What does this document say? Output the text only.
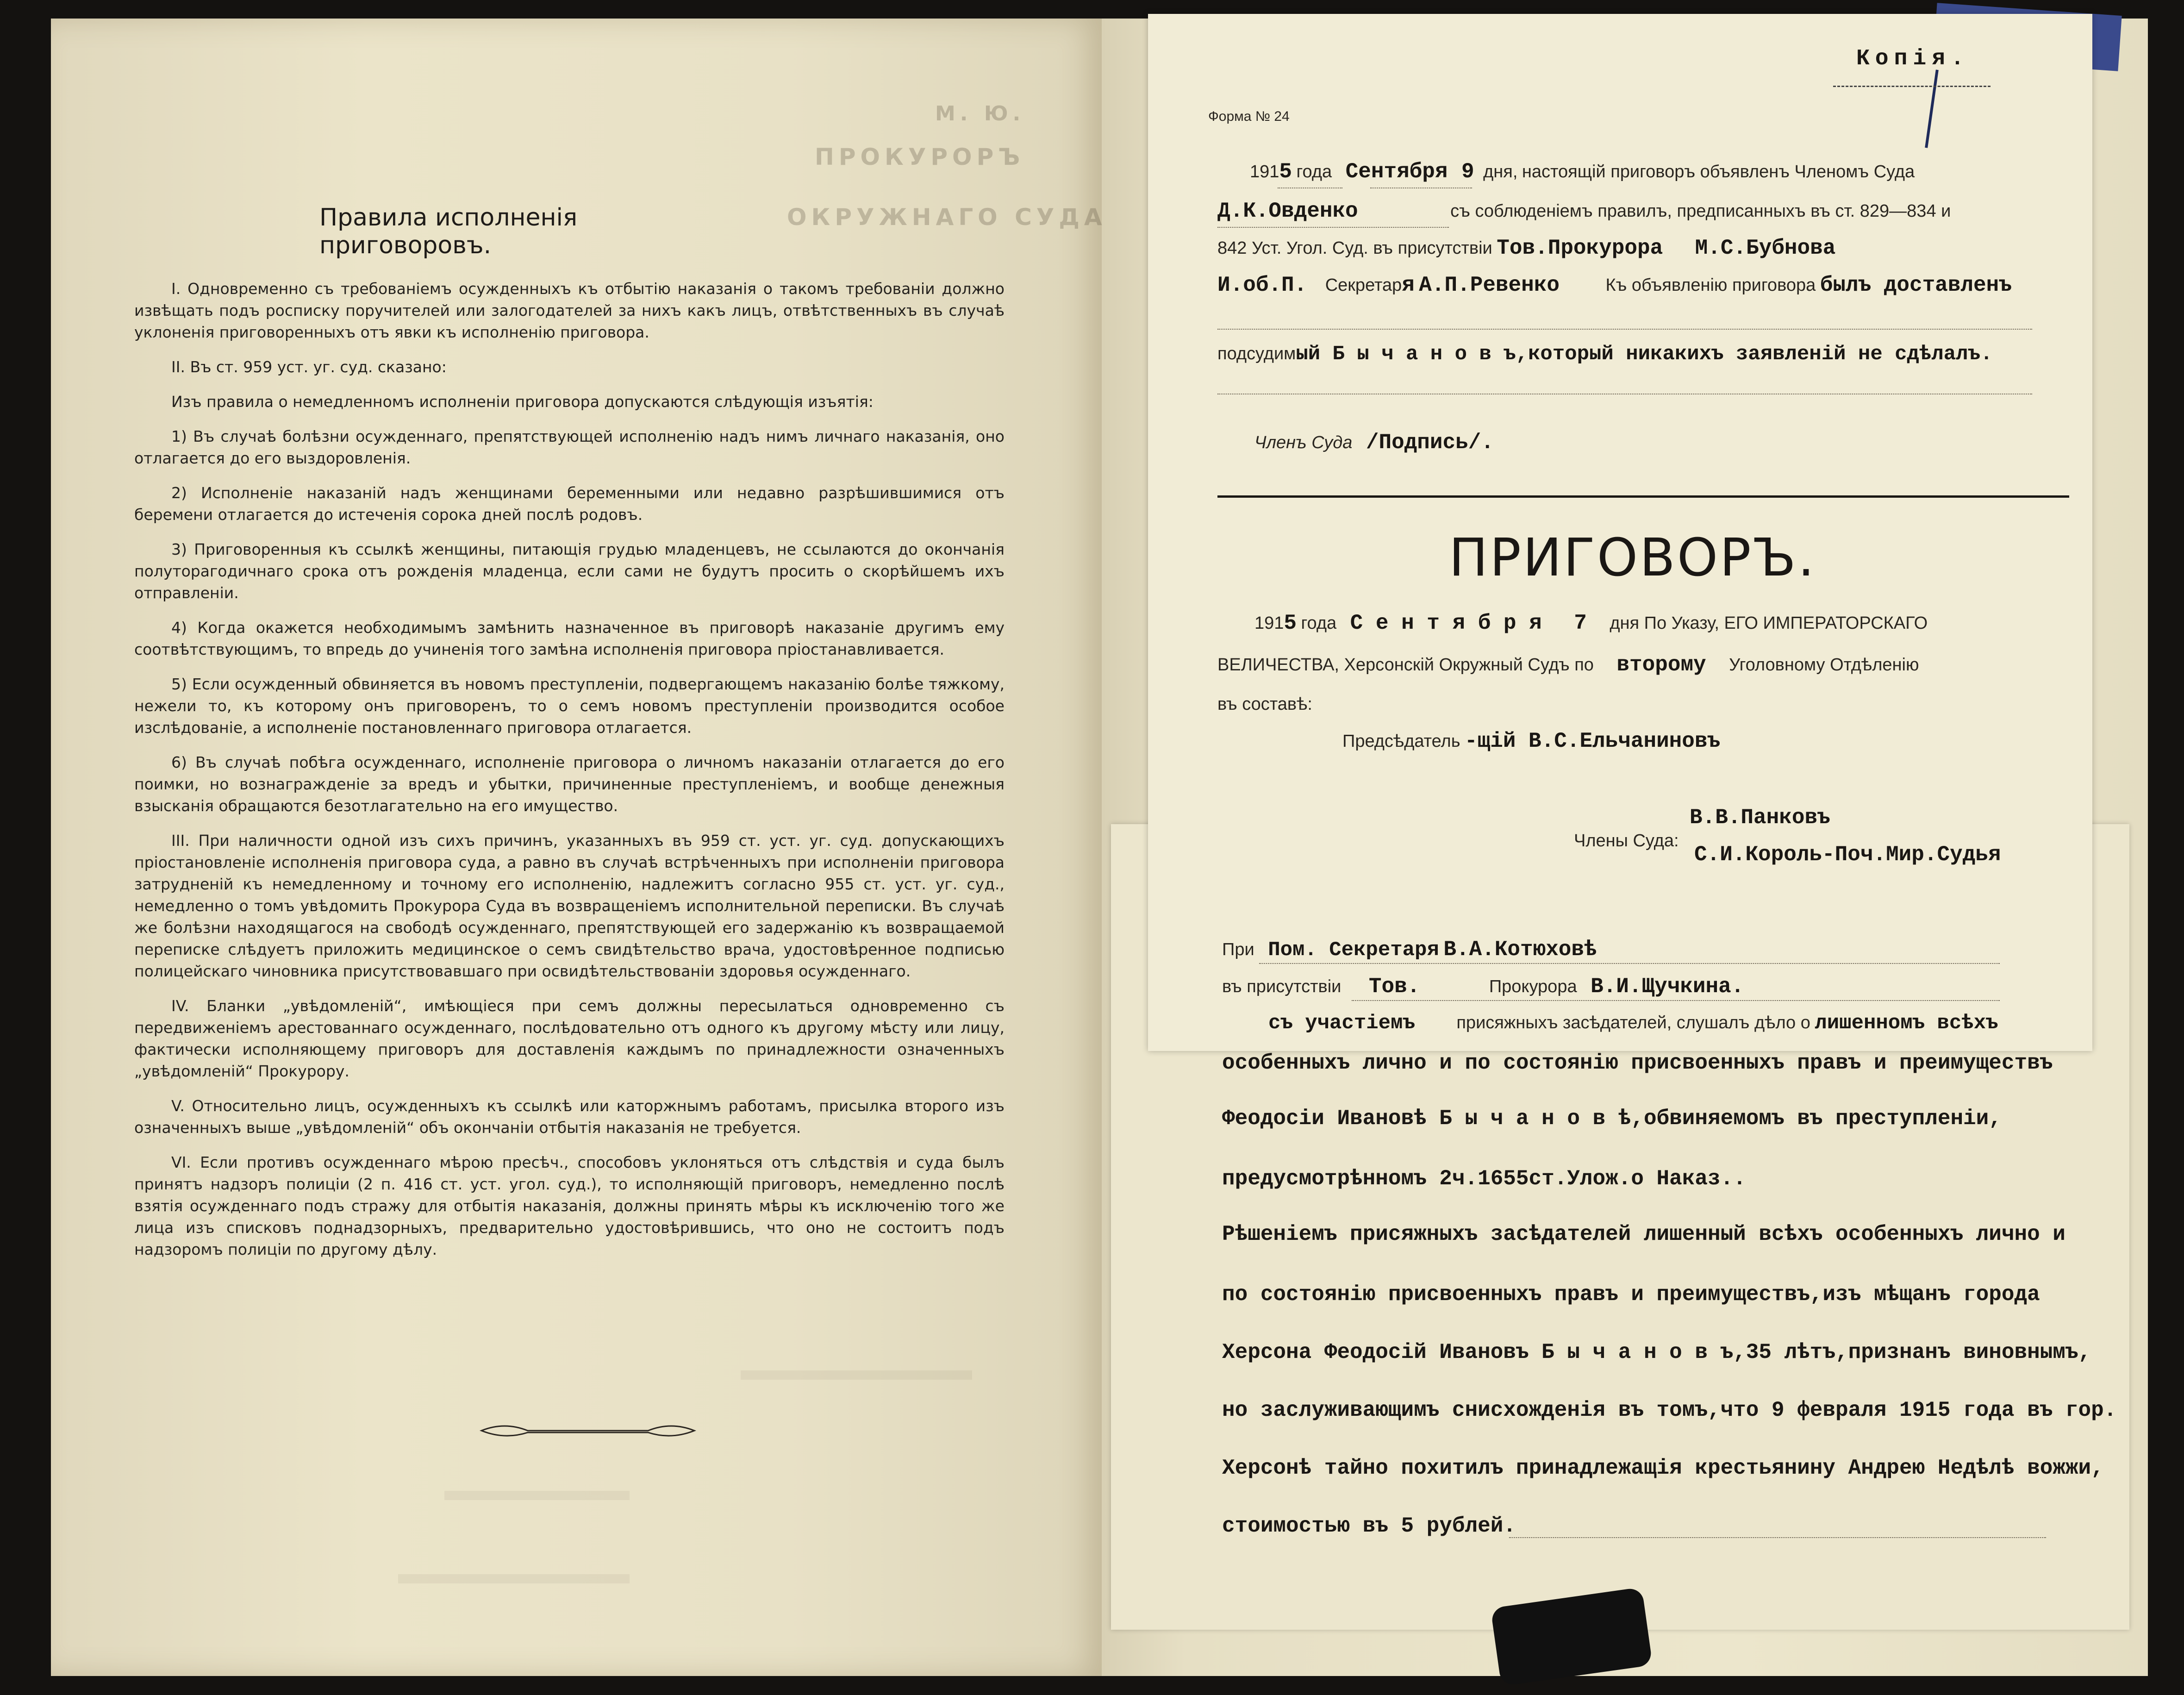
М. Ю.
ПРОКУРОРЪ
ОКРУЖНАГО СУДА
Правила исполненія приговоровъ.

I. Одновременно съ требованіемъ осужденныхъ къ отбытію наказанія о такомъ требованіи должно извѣщать подъ росписку поручителей или залогодателей за нихъ какъ лицъ, отвѣтственныхъ въ случаѣ уклоненія приговоренныхъ отъ явки къ исполненію приговора.

II. Въ ст. 959 уст. уг. суд. сказано:

Изъ правила о немедленномъ исполненіи приговора допускаются слѣдующія изъятія:

1) Въ случаѣ болѣзни осужденнаго, препятствующей исполненію надъ нимъ личнаго наказанія, оно отлагается до его выздоровленія.

2) Исполненіе наказаній надъ женщинами беременными или недавно разрѣшившимися отъ беремени отлагается до истеченія сорока дней послѣ родовъ.

3) Приговоренныя къ ссылкѣ женщины, питающія грудью младенцевъ, не ссылаются до окончанія полуторагодичнаго срока отъ рожденія младенца, если сами не будутъ просить о скорѣйшемъ ихъ отправленіи.

4) Когда окажется необходимымъ замѣнить назначенное въ приговорѣ наказаніе другимъ ему соотвѣтствующимъ, то впредь до учиненія того замѣна исполненія приговора пріостанавливается.

5) Если осужденный обвиняется въ новомъ преступленіи, подвергающемъ наказанію болѣе тяжкому, нежели то, къ которому онъ приговоренъ, то о семъ новомъ преступленіи производится особое изслѣдованіе, а исполненіе постановленнаго приговора отлагается.

6) Въ случаѣ побѣга осужденнаго, исполненіе приговора о личномъ наказаніи отлагается до его поимки, но вознагражденіе за вредъ и убытки, причиненные преступленіемъ, и вообще денежныя взысканія обращаются безотлагательно на его имущество.

III. При наличности одной изъ сихъ причинъ, указанныхъ въ 959 ст. уст. уг. суд. допускающихъ пріостановленіе исполненія приговора суда, а равно въ случаѣ встрѣченныхъ при исполненіи приговора затрудненій къ немедленному и точному его исполненію, надлежитъ согласно 955 ст. уст. уг. суд., немедленно о томъ увѣдомить Прокурора Суда въ возвращеніемъ исполнительной переписки. Въ случаѣ же болѣзни находящагося на свободѣ осужденнаго, препятствующей его задержанію къ возвращаемой переписке слѣдуетъ приложить медицинское о семъ свидѣтельство врача, удостовѣренное подписью полицейскаго чиновника присутствовавшаго при освидѣтельствованіи здоровья осужденнаго.

IV. Бланки „увѣдомленій“, имѣющіеся при семъ должны пересылаться одновременно съ передвиженіемъ арестованнаго осужденнаго, послѣдовательно отъ одного къ другому мѣсту или лицу, фактически исполняющему приговоръ для доставленія каждымъ по принадлежности означенныхъ „увѣдомленій“ Прокурору.

V. Относительно лицъ, осужденныхъ къ ссылкѣ или каторжнымъ работамъ, присылка второго изъ означенныхъ выше „увѣдомленій“ объ окончаніи отбытія наказанія не требуется.

VI. Если противъ осужденнаго мѣрою пресѣч., способовъ уклоняться отъ слѣдствія и суда былъ принятъ надзоръ полиціи (2 п. 416 ст. уст. угол. суд.), то исполняющій приговоръ, немедленно послѣ взятія осужденнаго подъ стражу для отбытія наказанія, должны принять мѣры къ исключенію того же лица изъ списковъ поднадзорныхъ, предварительно удостовѣрившись, что оно не состоитъ подъ надзоромъ полиціи по другому дѣлу.

Копія.
Форма № 24
1915 года Сентября 9 дня, настоящій приговоръ объявленъ Членомъ Суда
Д.К.Овденко	съ соблюденіемъ правилъ, предписанныхъ въ ст. 829—834 и
842 Уст. Угол. Суд. въ присутствіи Тов.Прокурора М.С.Бубнова
И.об.П. Секретаря А.П.Ревенко	Къ объявленію приговора былъ доставленъ
подсудимый Б ы ч а н о в ъ,который никакихъ заявленій не сдѣлалъ.
Членъ Суда /Подпись/.
ПРИГОВОРЪ.
1915 года С е н т я б р я 7 дня По Указу, ЕГО ИМПЕРАТОРСКАГО
ВЕЛИЧЕСТВА, Херсонскій Окружный Судъ по второму Уголовному Отдѣленію
въ составѣ:
Предсѣдатель -щій В.С.Ельчаниновъ
В.В.Панковъ
Члены Суда:
С.И.Король-Поч.Мир.Судья
При Пом. Секретаря В.А.Котюховѣ
въ присутствіи Тов.	Прокурора В.И.Щучкина.
съ участіемъ присяжныхъ засѣдателей, слушалъ дѣло о лишенномъ всѣхъ
особенныхъ лично и по состоянію присвоенныхъ правъ и преимуществъ
Феодосіи Ивановѣ Б ы ч а н о в ѣ,обвиняемомъ въ преступленіи,
предусмотрѣнномъ 2ч.1655ст.Улож.о Наказ..
Рѣшеніемъ присяжныхъ засѣдателей лишенный всѣхъ особенныхъ лично и
по состоянію присвоенныхъ правъ и преимуществъ,изъ мѣщанъ города
Херсона Феодосій Ивановъ Б ы ч а н о в ъ,35 лѣтъ,признанъ виновнымъ,
но заслуживающимъ снисхожденія въ томъ,что 9 февраля 1915 года въ гор.
Херсонѣ тайно похитилъ принадлежащія крестьянину Андрею Недѣлѣ вожжи,
стоимостью въ 5 рублей.
